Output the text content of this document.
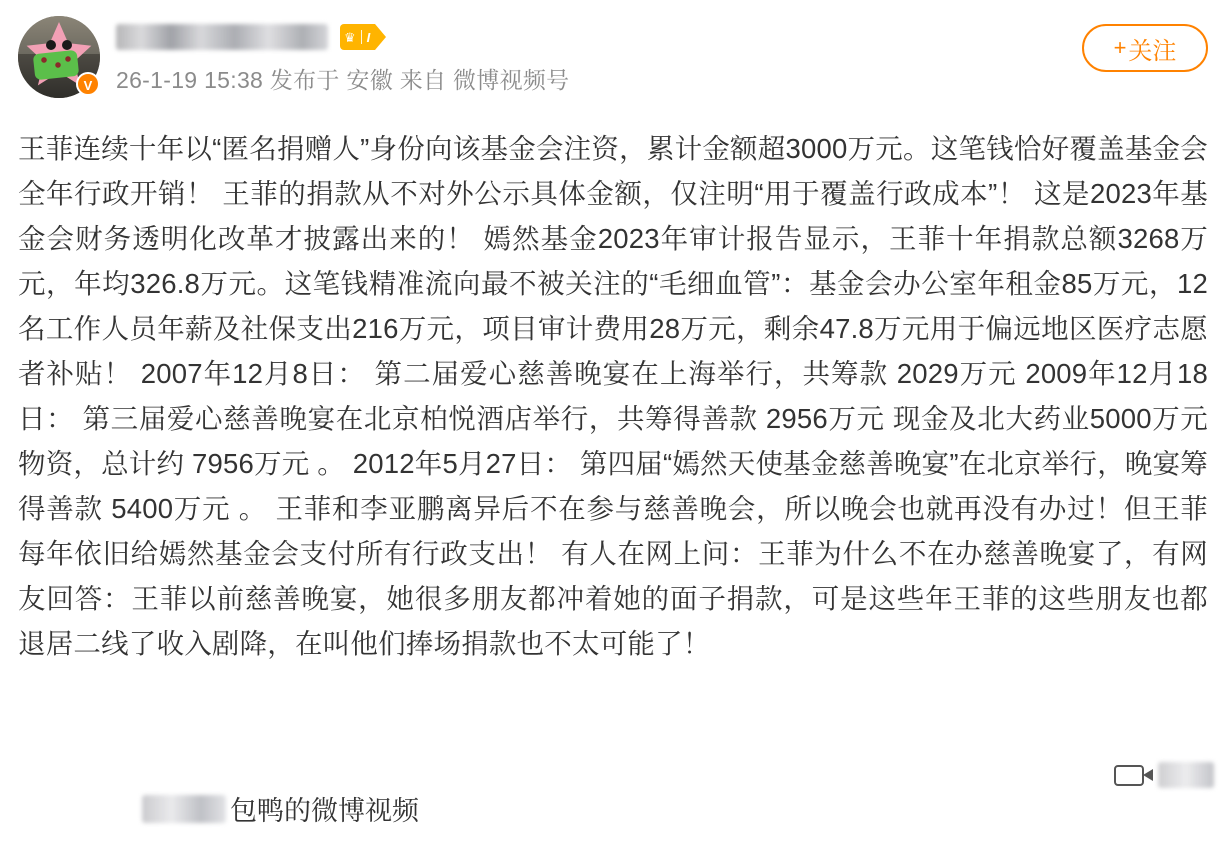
V
♛ I
26-1-19 15:38 发布于 安徽 来自 微博视频号
+ 关注

王菲连续十年以“匿名捐赠人”身份向该基金会注资，累计金额超3000万元。这笔钱恰好覆盖基金会全年行政开销！ 王菲的捐款从不对外公示具体金额，仅注明“用于覆盖行政成本”！ 这是2023年基金会财务透明化改革才披露出来的！ 嫣然基金2023年审计报告显示，王菲十年捐款总额3268万元，年均326.8万元。这笔钱精准流向最不被关注的“毛细血管”：基金会办公室年租金85万元，12名工作人员年薪及社保支出216万元，项目审计费用28万元，剩余47.8万元用于偏远地区医疗志愿者补贴！ 2007年12月8日： 第二届爱心慈善晚宴在上海举行，共筹款 2029万元 2009年12月18日： 第三届爱心慈善晚宴在北京柏悦酒店举行，共筹得善款 2956万元 现金及北大药业5000万元物资，总计约 7956万元 。 2012年5月27日： 第四届“嫣然天使基金慈善晚宴”在北京举行，晚宴筹得善款 5400万元 。 王菲和李亚鹏离异后不在参与慈善晚会，所以晚会也就再没有办过！但王菲每年依旧给嫣然基金会支付所有行政支出！ 有人在网上问：王菲为什么不在办慈善晚宴了，有网友回答：王菲以前慈善晚宴，她很多朋友都冲着她的面子捐款，可是这些年王菲的这些朋友也都退居二线了收入剧降，在叫他们捧场捐款也不太可能了！

包鸭的微博视频
